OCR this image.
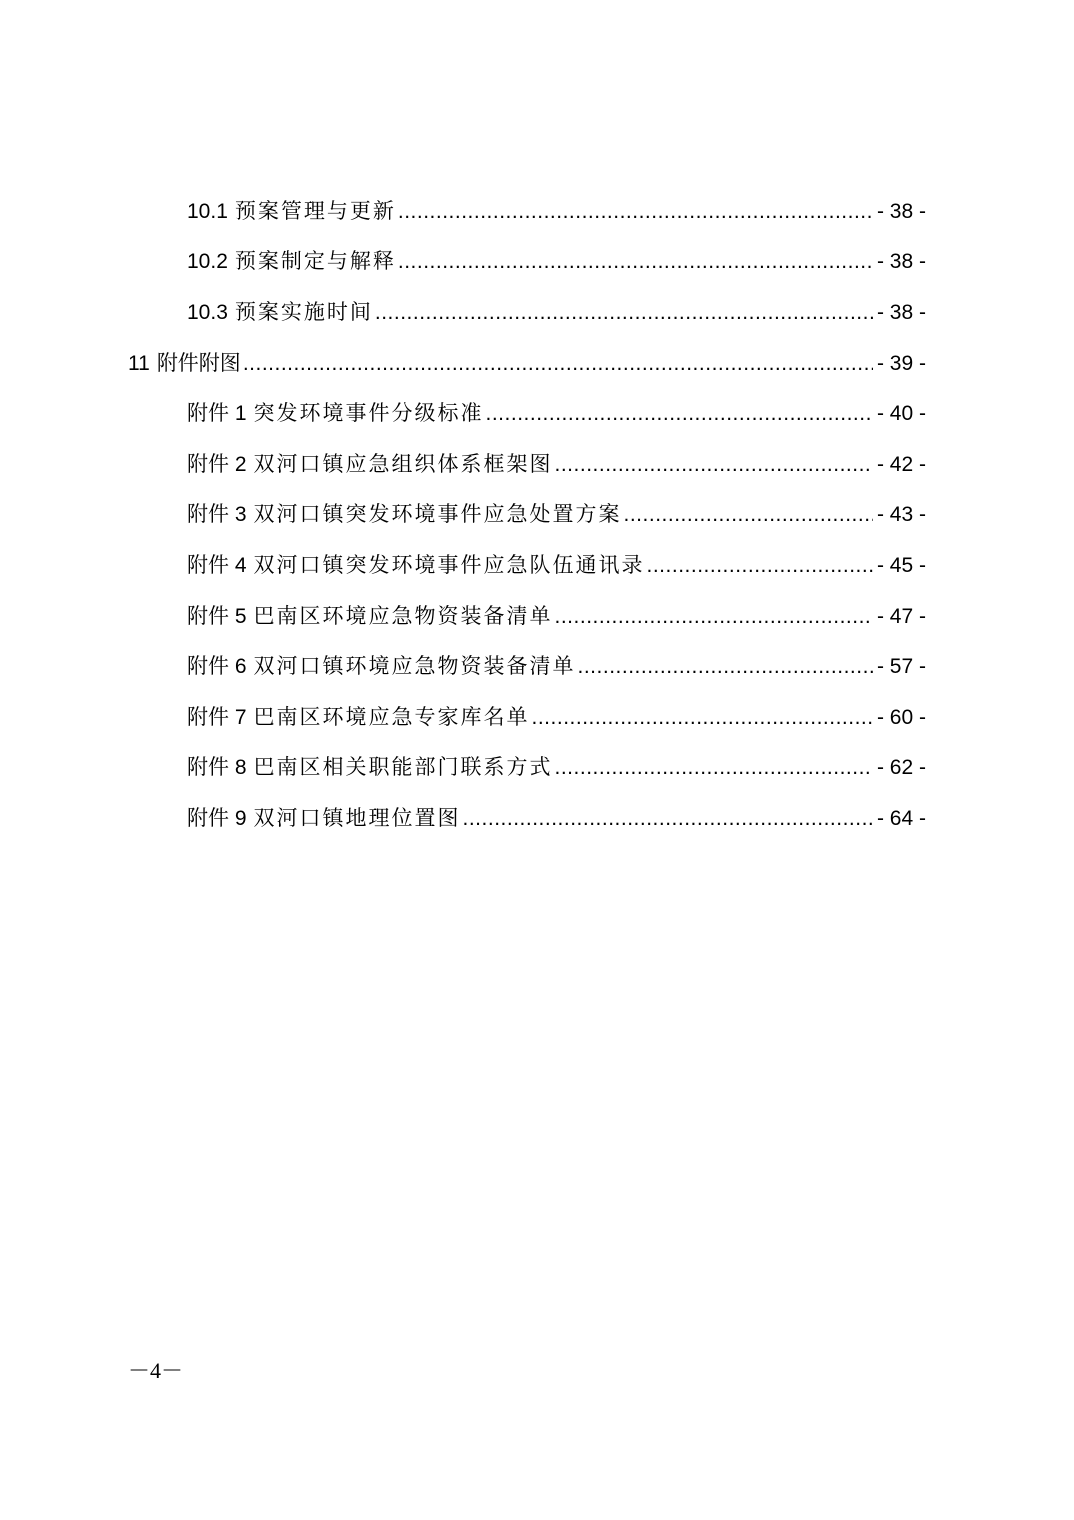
10.1 预案管理与更新 .....	- 38 -
10.2 预案制定与解释 .....	- 38 -
10.3 预案实施时间 .....	- 38 -
11 附件附图 .....	- 39 -
附件 1 突发环境事件分级标准 .....	- 40 -
附件 2 双河口镇应急组织体系框架图 .....	- 42 -
附件 3 双河口镇突发环境事件应急处置方案 .....	- 43 -
附件 4 双河口镇突发环境事件应急队伍通讯录 .....	- 45 -
附件 5 巴南区环境应急物资装备清单 .....	- 47 -
附件 6 双河口镇环境应急物资装备清单 .....	- 57 -
附件 7 巴南区环境应急专家库名单 .....	- 60 -
附件 8 巴南区相关职能部门联系方式 .....	- 62 -
附件 9 双河口镇地理位置图 .....	- 64 -
－4－
